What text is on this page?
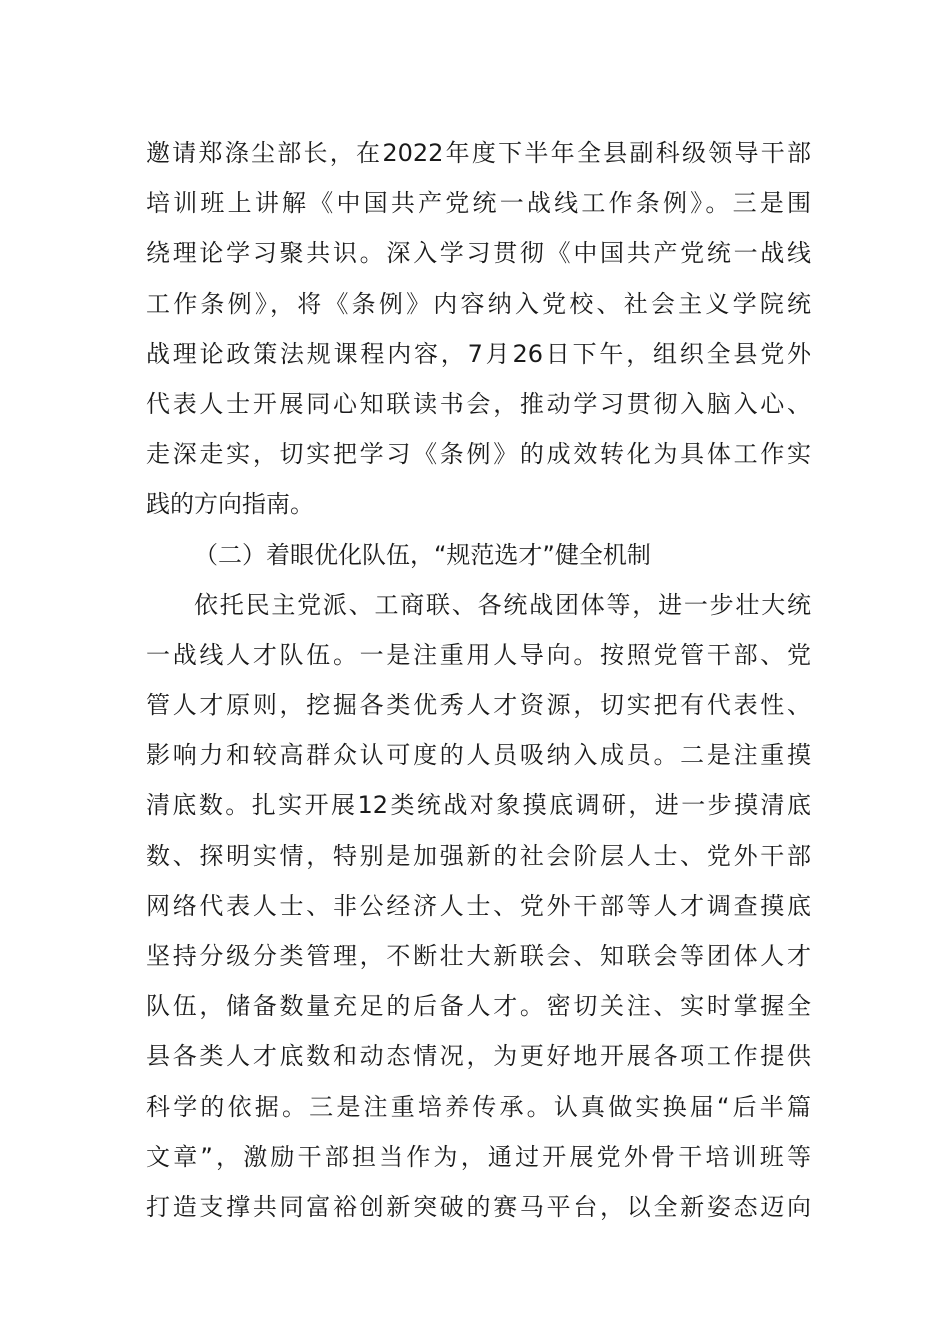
邀请郑涤尘部长，在2022年度下半年全县副科级领导干部
培训班上讲解《中国共产党统一战线工作条例》。三是围
绕理论学习聚共识。深入学习贯彻《中国共产党统一战线
工作条例》，将《条例》内容纳入党校、社会主义学院统
战理论政策法规课程内容，7月26日下午，组织全县党外
代表人士开展同心知联读书会，推动学习贯彻入脑入心、
走深走实，切实把学习《条例》的成效转化为具体工作实
践的方向指南。
（二）着眼优化队伍，“规范选才”健全机制
依托民主党派、工商联、各统战团体等，进一步壮大统
一战线人才队伍。一是注重用人导向。按照党管干部、党
管人才原则，挖掘各类优秀人才资源，切实把有代表性、
影响力和较高群众认可度的人员吸纳入成员。二是注重摸
清底数。扎实开展12类统战对象摸底调研，进一步摸清底
数、探明实情，特别是加强新的社会阶层人士、党外干部
网络代表人士、非公经济人士、党外干部等人才调查摸底
坚持分级分类管理，不断壮大新联会、知联会等团体人才
队伍，储备数量充足的后备人才。密切关注、实时掌握全
县各类人才底数和动态情况，为更好地开展各项工作提供
科学的依据。三是注重培养传承。认真做实换届“后半篇
文章”，激励干部担当作为，通过开展党外骨干培训班等
打造支撑共同富裕创新突破的赛马平台，以全新姿态迈向
